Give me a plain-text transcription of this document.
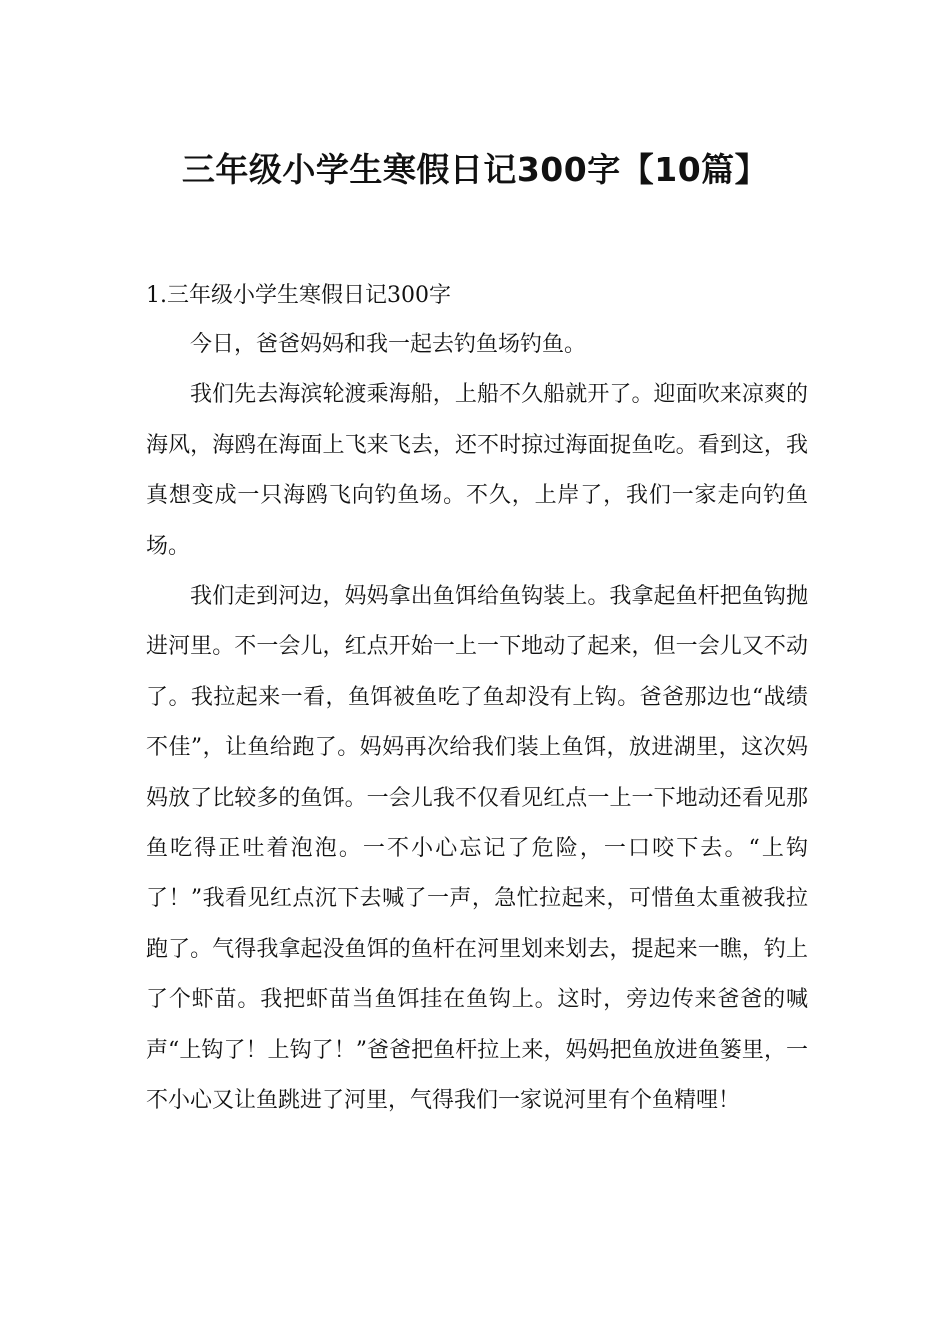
三年级小学生寒假日记300字【10篇】

1.三年级小学生寒假日记300字

今日，爸爸妈妈和我一起去钓鱼场钓鱼。

我们先去海滨轮渡乘海船，上船不久船就开了。迎面吹来凉爽的海风，海鸥在海面上飞来飞去，还不时掠过海面捉鱼吃。看到这，我真想变成一只海鸥飞向钓鱼场。不久，上岸了，我们一家走向钓鱼场。

我们走到河边，妈妈拿出鱼饵给鱼钩装上。我拿起鱼杆把鱼钩抛进河里。不一会儿，红点开始一上一下地动了起来，但一会儿又不动了。我拉起来一看，鱼饵被鱼吃了鱼却没有上钩。爸爸那边也“战绩不佳”，让鱼给跑了。妈妈再次给我们装上鱼饵，放进湖里，这次妈妈放了比较多的鱼饵。一会儿我不仅看见红点一上一下地动还看见那鱼吃得正吐着泡泡。一不小心忘记了危险，一口咬下去。“上钩了！”我看见红点沉下去喊了一声，急忙拉起来，可惜鱼太重被我拉跑了。气得我拿起没鱼饵的鱼杆在河里划来划去，提起来一瞧，钓上了个虾苗。我把虾苗当鱼饵挂在鱼钩上。这时，旁边传来爸爸的喊声“上钩了！上钩了！”爸爸把鱼杆拉上来，妈妈把鱼放进鱼篓里，一不小心又让鱼跳进了河里，气得我们一家说河里有个鱼精哩！
